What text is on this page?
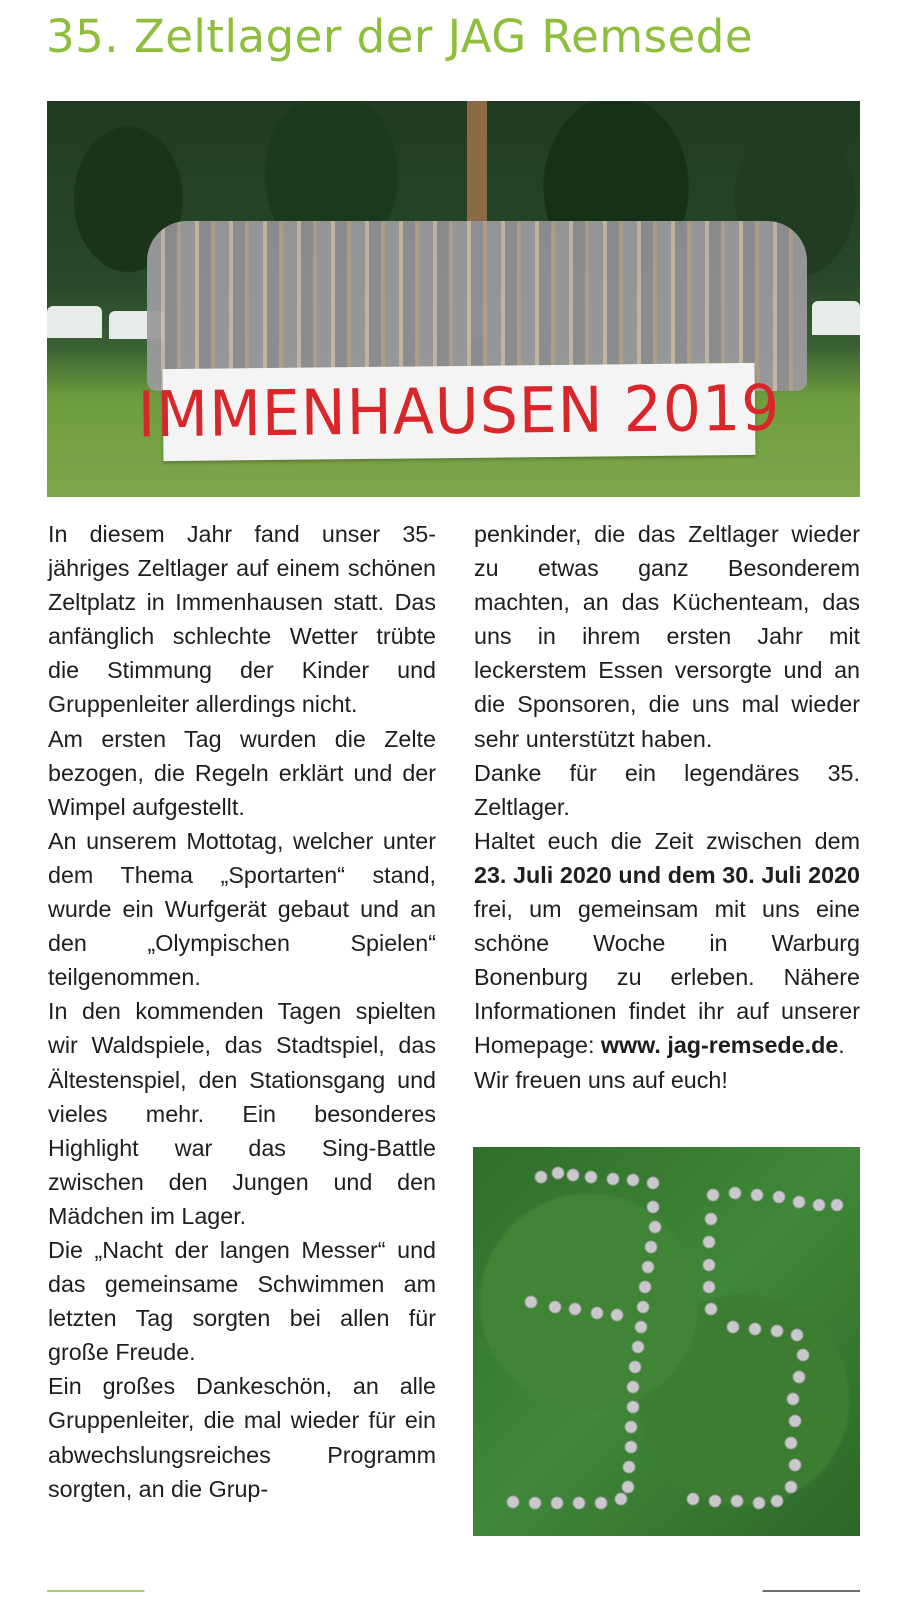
35. Zeltlager der JAG Remsede
IMMENHAUSEN 2019

In diesem Jahr fand unser 35-jähriges Zeltlager auf einem schönen Zeltplatz in Immenhausen statt. Das anfänglich schlechte Wetter trübte die Stimmung der Kinder und Gruppenleiter allerdings nicht.

Am ersten Tag wurden die Zelte bezogen, die Regeln erklärt und der Wimpel aufgestellt.

An unserem Mottotag, welcher unter dem Thema „Sportarten“ stand, wurde ein Wurfgerät gebaut und an den „Olympischen Spielen“ teilgenommen.

In den kommenden Tagen spielten wir Waldspiele, das Stadtspiel, das Ältestenspiel, den Stationsgang und vieles mehr. Ein besonderes Highlight war das Sing-Battle zwischen den Jungen und den Mädchen im Lager.

Die „Nacht der langen Messer“ und das gemeinsame Schwimmen am letzten Tag sorgten bei allen für große Freude.

Ein großes Dankeschön, an alle Gruppenleiter, die mal wieder für ein abwechslungsreiches Programm sorgten, an die Grup-

penkinder, die das Zeltlager wieder zu etwas ganz Besonderem machten, an das Küchenteam, das uns in ihrem ersten Jahr mit leckerstem Essen versorgte und an die Sponsoren, die uns mal wieder sehr unterstützt haben.

Danke für ein legendäres 35. Zeltlager.

Haltet euch die Zeit zwischen dem 23. Juli 2020 und dem 30. Juli 2020 frei, um gemeinsam mit uns eine schöne Woche in Warburg Bonenburg zu erleben. Nähere Informationen findet ihr auf unserer Homepage: www. jag-remsede.de.

Wir freuen uns auf euch!
